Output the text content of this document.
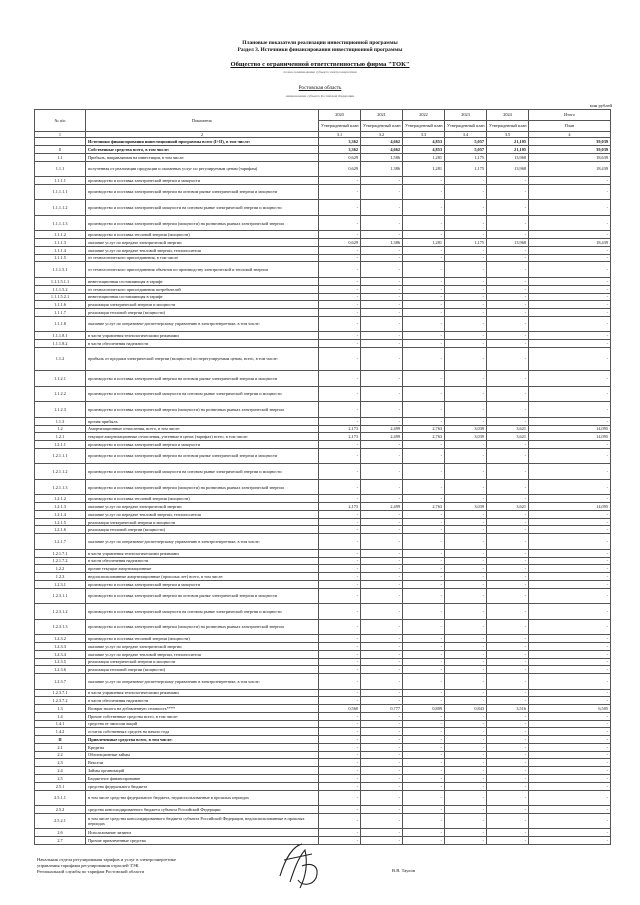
Плановые показатели реализации инвестиционной программы
Раздел 3. Источники финансирования инвестиционной программы
Общество с ограниченной ответственностью фирма "ТОК"
полное наименование субъекта электроэнергетики
Ростовская область
наименование субъекта Российской Федерации
млн рублей
№ п/п	Показатель	2020	2021	2022	2023	2024	Итого
		Утвержденный план	Утвержденный план	Утвержденный план	Утвержденный план	Утвержденный план	План
1	2	3.1	3.2	3.3	3.4	3.5	4
	Источники финансирования инвестиционной программы всего (I+II), в том числе:	3,362	4,662	4,853	5,057	21,105	39,039
I	Собственные средства всего, в том числе:	3,362	4,662	4,853	5,057	21,105	39,039
1.1	Прибыль, направляемая на инвестиции, в том числе:	0,629	1,586	1,281	1,175	13,968	18,639
1.1.1	полученная от реализации продукции и оказанных услуг по регулируемым ценам (тарифам)	0,629	1,386	1,281	1,175	13,968	18,439
1.1.1.1	производство и поставка электрической энергии и мощности	-	-	-	-	-	-
1.1.1.1.1	производство и поставка электрической энергии на оптовом рынке электрической энергии и мощности	-	-	-	-	-	-
1.1.1.1.2	производство и поставка электрической мощности на оптовом рынке электрической энергии и мощности	-	-	-	-	-	-
1.1.1.1.3	производство и поставка электрической энергии (мощности) на розничных рынках электрической энергии	-	-	-	-	-	-
1.1.1.2	производство и поставка тепловой энергии (мощности)	-	-	-	-	-	-
1.1.1.3	оказание услуг по передаче электрической энергии	0,629	1,386	1,281	1,175	13,968	18,439
1.1.1.4	оказание услуг по передаче тепловой энергии, теплоносителя	-	-	-	-	-	-
1.1.1.5	от технологического присоединения, в том числе	-	-	-	-	-	-
1.1.1.5.1	от технологического присоединения объектов по производству электрической и тепловой энергии	-	-	-	-	-	-
1.1.1.5.1.1	инвестиционная составляющая в тарифе	-	-	-	-	-	-
1.1.1.5.2	от технологического присоединения потребителей	-	-	-	-	-	-
1.1.1.5.2.1	инвестиционная составляющая в тарифе	-	-	-	-	-	-
1.1.1.6	реализация электрической энергии и мощности	-	-	-	-	-	-
1.1.1.7	реализация тепловой энергии (мощности)	-	-	-	-	-	-
1.1.1.8	оказание услуг по оперативно-диспетчерскому управлению в электроэнергетике, в том числе:	-	-	-	-	-	-
1.1.1.8.1	в части управления технологическими режимами	-	-	-	-	-	-
1.1.1.8.2	в части обеспечения надежности	-	-	-	-	-	-
1.1.2	прибыль от продажи электрической энергии (мощности) по нерегулируемым ценам, всего, в том числе:	-	-	-	-	-	-
1.1.2.1	производство и поставка электрической энергии на оптовом рынке электрической энергии и мощности	-	-	-	-	-	-
1.1.2.2	производство и поставка электрической мощности на оптовом рынке электрической энергии и мощности	-	-	-	-	-	-
1.1.2.3	производство и поставка электрической энергии (мощности) на розничных рынках электрической энергии	-	-	-	-	-	-
1.1.3	прочая прибыль	-	-	-	-	-	-
1.2	Амортизационные отчисления, всего, в том числе:	2,173	2,499	2,763	3,039	3,621	14,095
1.2.1	текущие амортизационные отчисления, учтенные в ценах (тарифах) всего, в том числе:	2,173	2,499	2,763	3,039	3,621	14,095
1.2.1.1	производство и поставка электрической энергии и мощности	-	-	-	-	-	-
1.2.1.1.1	производство и поставка электрической энергии на оптовом рынке электрической энергии и мощности	-	-	-	-	-	-
1.2.1.1.2	производство и поставка электрической мощности на оптовом рынке электрической энергии и мощности	-	-	-	-	-	-
1.2.1.1.3	производство и поставка электрической энергии (мощности) на розничных рынках электрической энергии	-	-	-	-	-	-
1.2.1.2	производство и поставка тепловой энергии (мощности)	-	-	-	-	-	-
1.2.1.3	оказание услуг по передаче электрической энергии	2,173	2,499	2,763	3,039	3,621	14,095
1.2.1.4	оказание услуг по передаче тепловой энергии, теплоносителя	-	-	-	-	-	-
1.2.1.5	реализация электрической энергии и мощности	-	-	-	-	-	-
1.2.1.6	реализация тепловой энергии (мощности)	-	-	-	-	-	-
1.2.1.7	оказание услуг по оперативно-диспетчерскому управлению в электроэнергетике, в том числе:	-	-	-	-	-	-
1.2.1.7.1	в части управления технологическими режимами	-	-	-	-	-	-
1.2.1.7.2	в части обеспечения надежности	-	-	-	-	-	-
1.2.2	прочие текущие амортизационные	-	-	-	-	-	-
1.2.3	недоиспользованные амортизационные (прошлых лет) всего, в том числе:	-	-	-	-	-	-
1.2.3.1	производство и поставка электрической энергии и мощности	-	-	-	-	-	-
1.2.3.1.1	производство и поставка электрической энергии на оптовом рынке электрической энергии и мощности	-	-	-	-	-	-
1.2.3.1.2	производство и поставка электрической мощности на оптовом рынке электрической энергии и мощности	-	-	-	-	-	-
1.2.3.1.3	производство и поставка электрической энергии (мощности) на розничных рынках электрической энергии	-	-	-	-	-	-
1.2.3.2	производство и поставка тепловой энергии (мощности)	-	-	-	-	-	-
1.2.3.3	оказание услуг по передаче электрической энергии	-	-	-	-	-	-
1.2.3.4	оказание услуг по передаче тепловой энергии, теплоносителя	-	-	-	-	-	-
1.2.3.5	реализация электрической энергии и мощности	-	-	-	-	-	-
1.2.3.6	реализация тепловой энергии (мощности)	-	-	-	-	-	-
1.2.3.7	оказание услуг по оперативно-диспетчерскому управлению в электроэнергетике, в том числе:	-	-	-	-	-	-
1.2.3.7.1	в части управления технологическими режимами	-	-	-	-	-	-
1.2.3.7.2	в части обеспечения надежности	-	-	-	-	-	-
1.3	Возврат налога на добавленную стоимость****	0,560	0,777	0,809	0,843	3,516	6,505
1.4	Прочие собственные средства всего, в том числе:	-	-	-	-	-	-
1.4.1	средства от эмиссии акций	-	-	-	-	-	-
1.4.2	остаток собственных средств на начало года	-	-	-	-	-	-
II	Привлеченные средства всего, в том числе:	-	-	-	-	-	-
2.1	Кредиты	-	-	-	-	-	-
2.2	Облигационные займы	-	-	-	-	-	-
2.3	Вексели	-	-	-	-	-	-
2.4	Займы организаций	-	-	-	-	-	-
2.5	Бюджетное финансирование	-	-	-	-	-	-
2.5.1	средства федерального бюджета	-	-	-	-	-	-
2.5.1.1	в том числе средства федерального бюджета, недоиспользованные в прошлых периодах	-	-	-	-	-	-
2.5.2	средства консолидированного бюджета субъекта Российской Федерации	-	-	-	-	-	-
2.5.2.1	в том числе средства консолидированного бюджета субъекта Российской Федерации, недоиспользованные в прошлых периодах	-	-	-	-	-	-
2.6	Использование лизинга	-	-	-	-	-	-
2.7	Прочие привлеченные средства	-	-	-	-	-	-
Начальник отдела регулирования тарифов и услуг в электроэнергетике
управления тарифами регулирования отраслей ТЭК
Региональной службы по тарифам Ростовской области	В.В. Таулов
